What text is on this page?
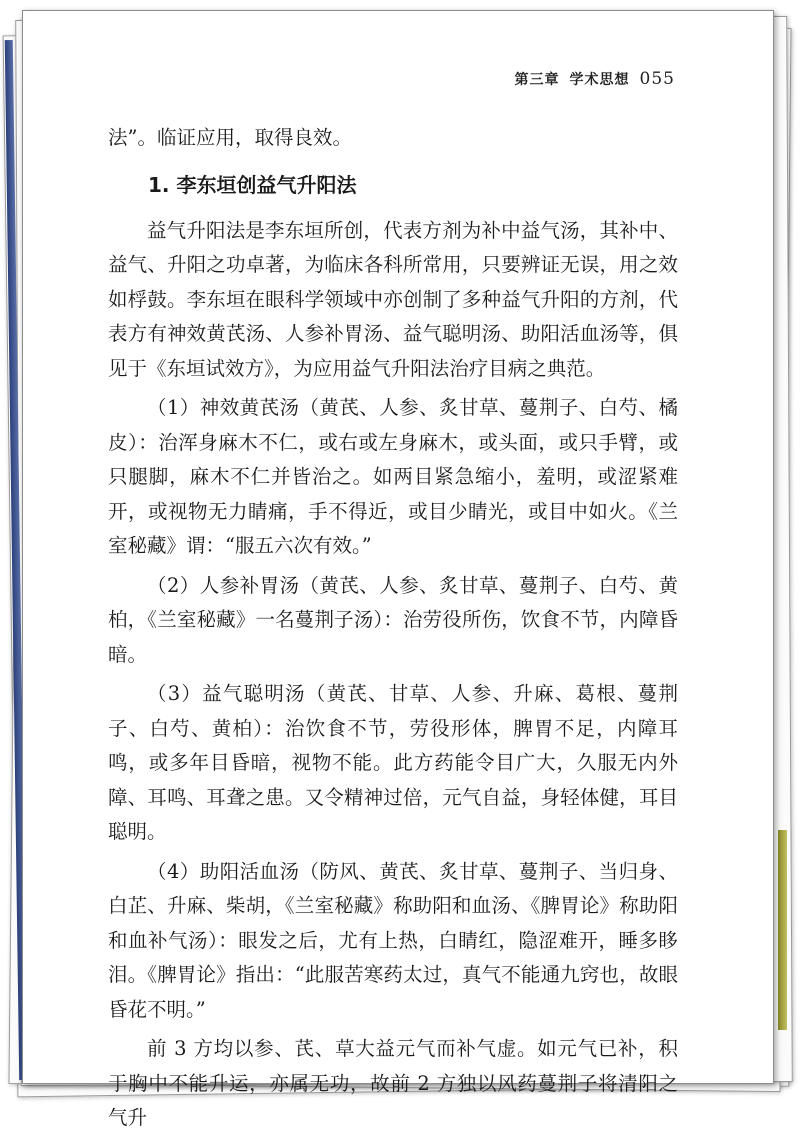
第三章 学术思想 055

法”。临证应用，取得良效。

1. 李东垣创益气升阳法

益气升阳法是李东垣所创，代表方剂为补中益气汤，其补中、益气、升阳之功卓著，为临床各科所常用，只要辨证无误，用之效如桴鼓。李东垣在眼科学领域中亦创制了多种益气升阳的方剂，代表方有神效黄芪汤、人参补胃汤、益气聪明汤、助阳活血汤等，俱见于《东垣试效方》，为应用益气升阳法治疗目病之典范。

（1）神效黄芪汤（黄芪、人参、炙甘草、蔓荆子、白芍、橘皮）：治浑身麻木不仁，或右或左身麻木，或头面，或只手臂，或只腿脚，麻木不仁并皆治之。如两目紧急缩小，羞明，或涩紧难开，或视物无力睛痛，手不得近，或目少睛光，或目中如火。《兰室秘藏》谓：“服五六次有效。”

（2）人参补胃汤（黄芪、人参、炙甘草、蔓荆子、白芍、黄柏，《兰室秘藏》一名蔓荆子汤）：治劳役所伤，饮食不节，内障昏暗。

（3）益气聪明汤（黄芪、甘草、人参、升麻、葛根、蔓荆子、白芍、黄柏）：治饮食不节，劳役形体，脾胃不足，内障耳鸣，或多年目昏暗，视物不能。此方药能令目广大，久服无内外障、耳鸣、耳聋之患。又令精神过倍，元气自益，身轻体健，耳目聪明。

（4）助阳活血汤（防风、黄芪、炙甘草、蔓荆子、当归身、白芷、升麻、柴胡，《兰室秘藏》称助阳和血汤、《脾胃论》称助阳和血补气汤）：眼发之后，尤有上热，白睛红，隐涩难开，睡多眵泪。《脾胃论》指出：“此服苦寒药太过，真气不能通九窍也，故眼昏花不明。”

前 3 方均以参、芪、草大益元气而补气虚。如元气已补，积于胸中不能升运，亦属无功，故前 2 方独以风药蔓荆子将清阳之气升
